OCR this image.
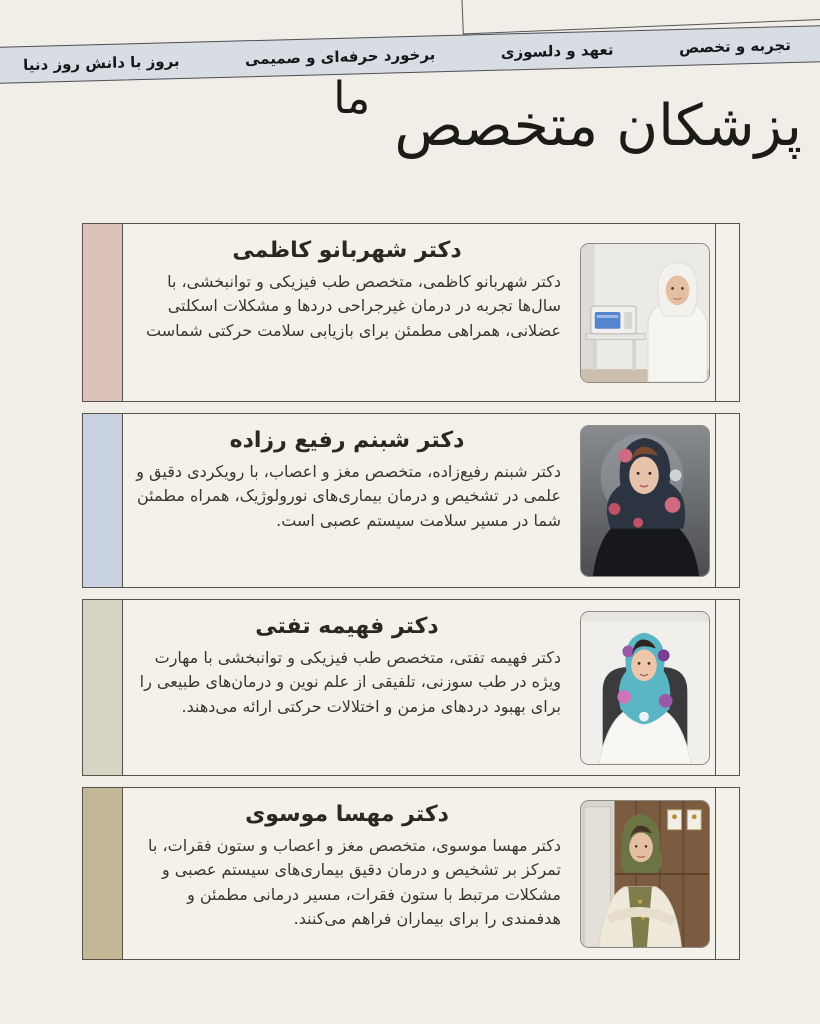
تجربه و تخصص
تعهد و دلسوزی
برخورد حرفه‌ای و صمیمی
بروز با دانش روز دنیا
پزشکان متخصص ما
دکتر شهربانو کاظمی

دکتر شهربانو کاظمی، متخصص طب فیزیکی و توانبخشی، با سال‌ها تجربه در درمان غیرجراحی دردها و مشکلات اسکلتی عضلانی، همراهی مطمئن برای بازیابی سلامت حرکتی شماست

دکتر شبنم رفیع رزاده

دکتر شبنم رفیع‌زاده، متخصص مغز و اعصاب، با رویکردی دقیق و علمی در تشخیص و درمان بیماری‌های نورولوژیک، همراه مطمئن شما در مسیر سلامت سیستم عصبی است.

دکتر فهیمه تفتی

دکتر فهیمه تفتی، متخصص طب فیزیکی و توانبخشی با مهارت ویژه در طب سوزنی، تلفیقی از علم نوین و درمان‌های طبیعی را برای بهبود دردهای مزمن و اختلالات حرکتی ارائه می‌دهند.

دکتر مهسا موسوی

دکتر مهسا موسوی، متخصص مغز و اعصاب و ستون فقرات، با تمرکز بر تشخیص و درمان دقیق بیماری‌های سیستم عصبی و مشکلات مرتبط با ستون فقرات، مسیر درمانی مطمئن و هدفمندی را برای بیماران فراهم می‌کنند.
